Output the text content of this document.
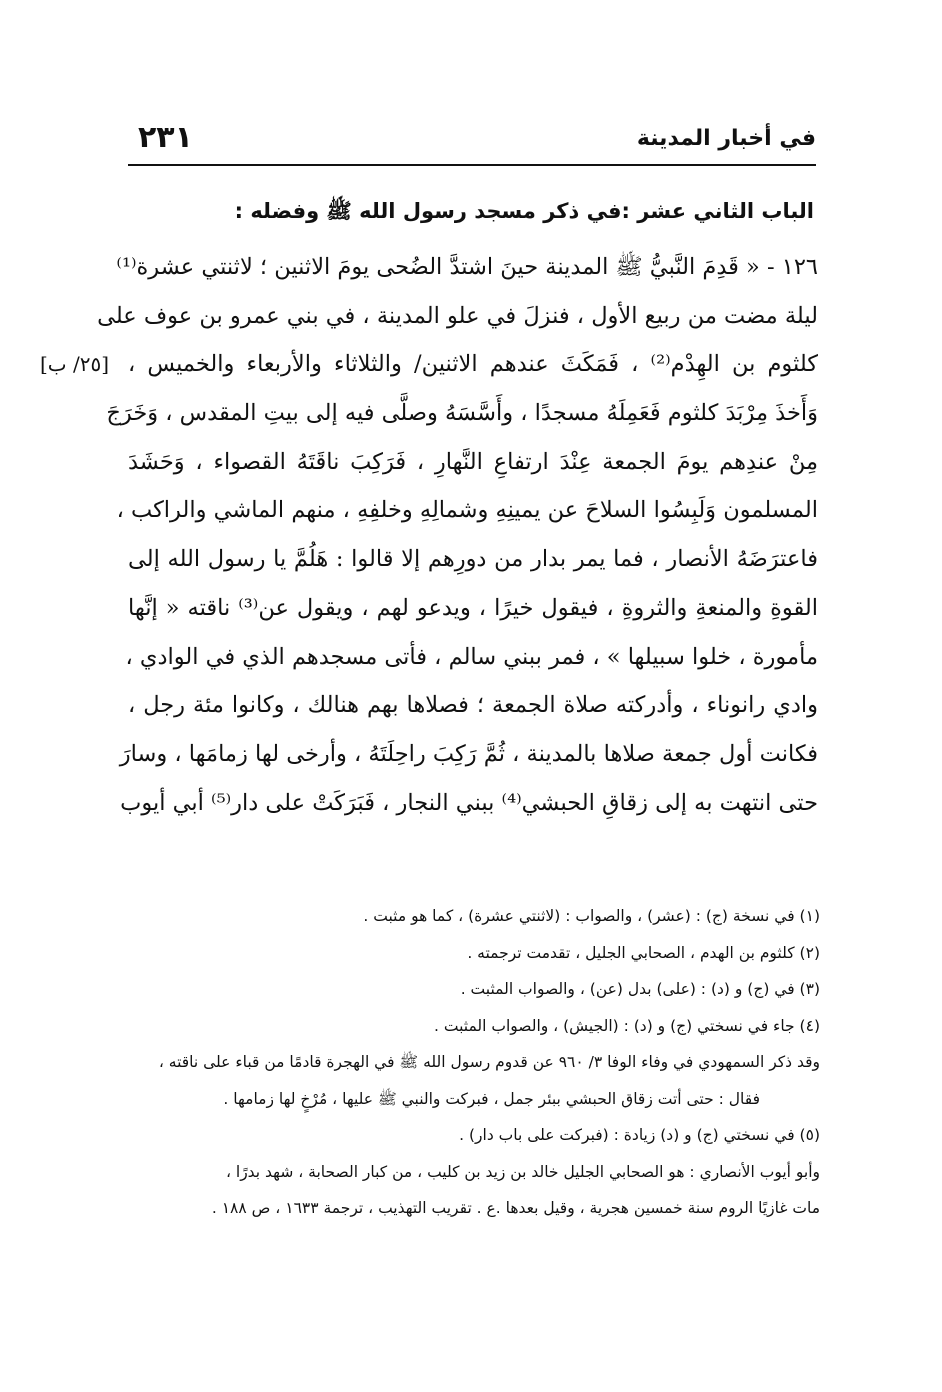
٢٣١	في أخبار المدينة
الباب الثاني عشر :في ذكر مسجد رسول الله ﷺ وفضله :
[٢٥/ ب]
١٢٦ - « قَدِمَ النَّبيُّ ﷺ المدينة حينَ اشتدَّ الضُحى يومَ الاثنين ؛ لاثنتي عشرة⁽¹⁾
ليلة مضت من ربيع الأول ، فنزلَ في علو المدينة ، في بني عمرو بن عوف على
كلثوم بن الهِدْم⁽²⁾ ، فَمَكَثَ عندهم الاثنين/ والثلاثاء والأربعاء والخميس ،
وَأَخذَ مِرْبَدَ كلثوم فَعَمِلَهُ مسجدًا ، وأَسَّسَهُ وصلَّى فيه إلى بيتِ المقدس ، وَخَرَجَ
مِنْ عندِهم يومَ الجمعة عِنْدَ ارتفاعِ النَّهارِ ، فَرَكِبَ ناقَتَهُ القصواء ، وَحَشَدَ
المسلمون وَلَبِسُوا السلاحَ عن يمينِهِ وشمالِهِ وخلفِهِ ، منهم الماشي والراكب ،
فاعترَضَهُ الأنصار ، فما يمر بدار من دورِهم إلا قالوا : هَلُمَّ يا رسول الله إلى
القوةِ والمنعةِ والثروةِ ، فيقول خيرًا ، ويدعو لهم ، ويقول عن⁽³⁾ ناقته « إنَّها
مأمورة ، خلوا سبيلها » ، فمر ببني سالم ، فأتى مسجدهم الذي في الوادي ،
وادي رانوناء ، وأدركته صلاة الجمعة ؛ فصلاها بهم هنالك ، وكانوا مئة رجل ،
فكانت أول جمعة صلاها بالمدينة ، ثُمَّ رَكِبَ راحِلَتَهُ ، وأرخى لها زمامَها ، وسارَ
حتى انتهت به إلى زقاقِ الحبشي⁽⁴⁾ ببني النجار ، فَبَرَكَتْ على دار⁽⁵⁾ أبي أيوب
(١) في نسخة (ج) : (عشر) ، والصواب : (لاثنتي عشرة) ، كما هو مثبت .
(٢) كلثوم بن الهدم ، الصحابي الجليل ، تقدمت ترجمته .
(٣) في (ج) و (د) : (على) بدل (عن) ، والصواب المثبت .
(٤) جاء في نسختي (ج) و (د) : (الجيش) ، والصواب المثبت .
وقد ذكر السمهودي في وفاء الوفا ٣/ ٩٦٠ عن قدوم رسول الله ﷺ في الهجرة قادمًا من قباء على ناقته ،
فقال : حتى أتت زقاق الحبشي ببئر جمل ، فبركت والنبي ﷺ عليها ، مُرْخٍ لها زمامها .
(٥) في نسختي (ج) و (د) زيادة : (فبركت على باب دار) .
وأبو أيوب الأنصاري : هو الصحابي الجليل خالد بن زيد بن كليب ، من كبار الصحابة ، شهد بدرًا ،
مات غازيًا الروم سنة خمسين هجرية ، وقيل بعدها .ع . تقريب التهذيب ، ترجمة ١٦٣٣ ، ص ١٨٨ .
